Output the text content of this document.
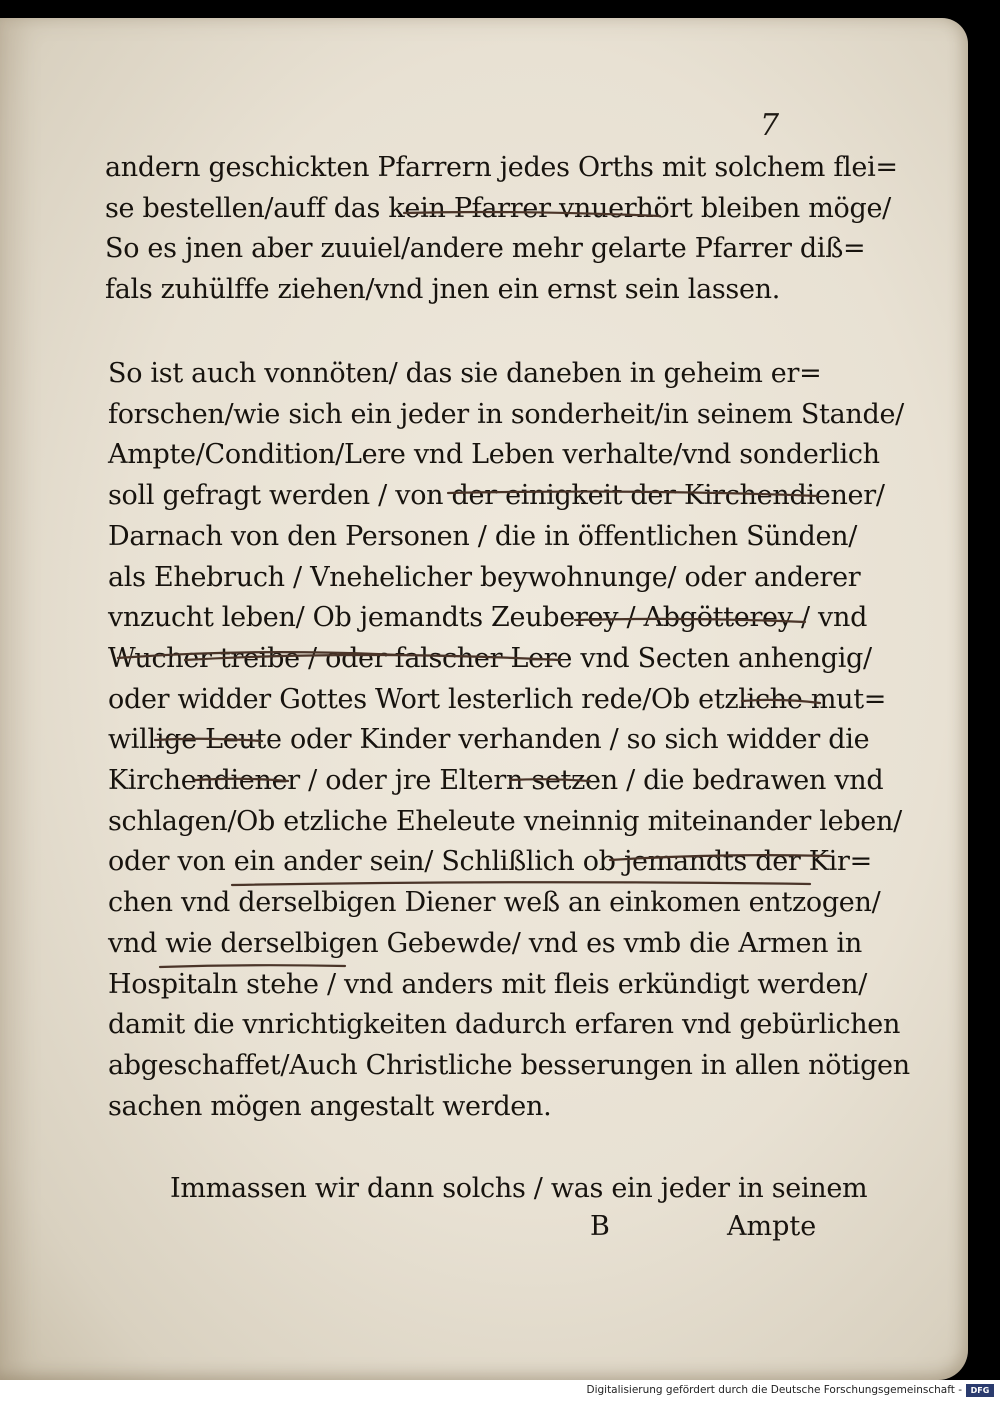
7

andern geschickten Pfarrern jedes Orths mit solchem flei=
se bestellen/auff das kein Pfarrer vnuerhört bleiben möge/
So es jnen aber zuuiel/andere mehr gelarte Pfarrer diß=
fals zuhülffe ziehen/vnd jnen ein ernst sein lassen.

So ist auch vonnöten/ das sie daneben in geheim er=
forschen/wie sich ein jeder in sonderheit/in seinem Stande/
Ampte/Condition/Lere vnd Leben verhalte/vnd sonderlich
soll gefragt werden / von der einigkeit der Kirchendiener/
Darnach von den Personen / die in öffentlichen Sünden/
als Ehebruch / Vnehelicher beywohnunge/ oder anderer
vnzucht leben/ Ob jemandts Zeuberey / Abgötterey / vnd
Wucher treibe / oder falscher Lere vnd Secten anhengig/
oder widder Gottes Wort lesterlich rede/Ob etzliche mut=
willige Leute oder Kinder verhanden / so sich widder die
Kirchendiener / oder jre Eltern setzen / die bedrawen vnd
schlagen/Ob etzliche Eheleute vneinnig miteinander leben/
oder von ein ander sein/ Schlißlich ob jemandts der Kir=
chen vnd derselbigen Diener weß an einkomen entzogen/
vnd wie derselbigen Gebewde/ vnd es vmb die Armen in
Hospitaln stehe / vnd anders mit fleis erkündigt werden/
damit die vnrichtigkeiten dadurch erfaren vnd gebürlichen
abgeschaffet/Auch Christliche besserungen in allen nötigen
sachen mögen angestalt werden.

Immassen wir dann solchs / was ein jeder in seinem

B	Ampte
Digitalisierung gefördert durch die Deutsche Forschungsgemeinschaft -	DFG
